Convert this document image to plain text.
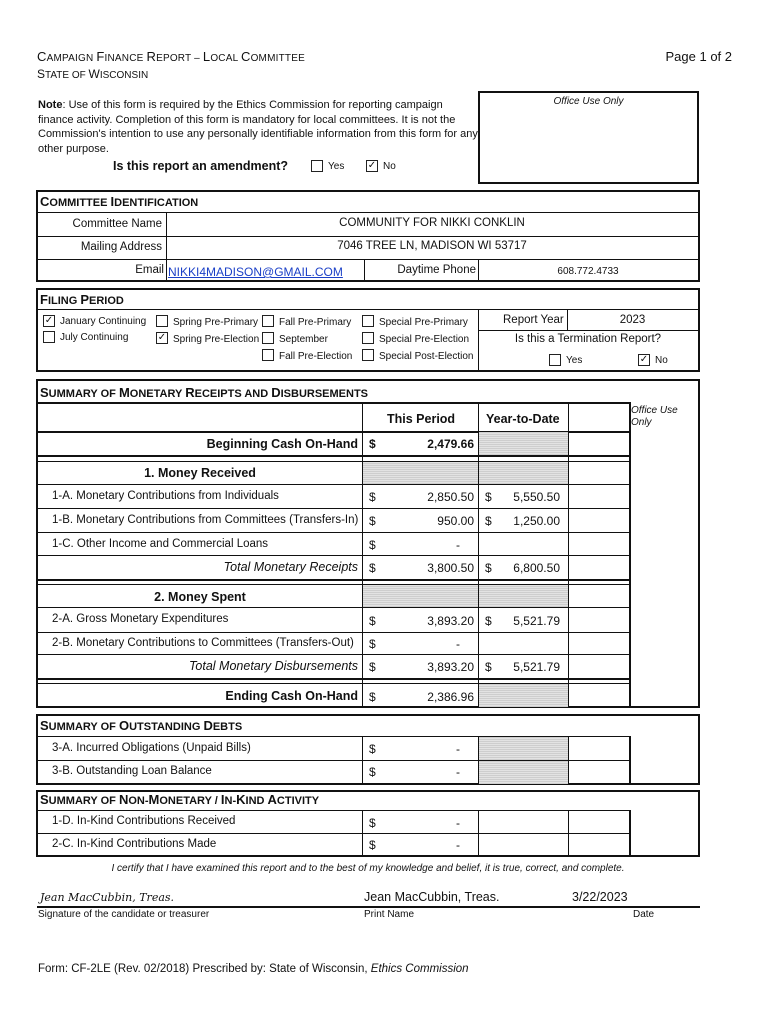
CAMPAIGN FINANCE REPORT – LOCAL COMMITTEE
STATE OF WISCONSIN
Page 1 of 2
Note: Use of this form is required by the Ethics Commission for reporting campaign finance activity. Completion of this form is mandatory for local committees. It is not the Commission's intention to use any personally identifiable information from this form for any other purpose.
Office Use Only
Is this report an amendment?	Yes ✓ No
COMMITTEE IDENTIFICATION
Committee Name	COMMUNITY FOR NIKKI CONKLIN
Mailing Address	7046 TREE LN, MADISON WI 53717
Email NIKKI4MADISON@GMAIL.COM	Daytime Phone	608.772.4733
FILING PERIOD
✓ January Continuing
July Continuing
Spring Pre-Primary
✓ Spring Pre-Election
Fall Pre-Primary
September
Fall Pre-Election
Special Pre-Primary
Special Pre-Election
Special Post-Election
Report Year	2023
Is this a Termination Report?
Yes	✓ No
SUMMARY OF MONETARY RECEIPTS AND DISBURSEMENTS
Office Use Only
This Period Year-to-Date
Beginning Cash On-Hand $	2,479.66
1. Money Received
1-A. Monetary Contributions from Individuals	$	2,850.50 $	5,550.50
1-B. Monetary Contributions from Committees (Transfers-In) $	950.00 $	1,250.00
1-C. Other Income and Commercial Loans	$	-
Total Monetary Receipts $	3,800.50 $	6,800.50
2. Money Spent
2-A. Gross Monetary Expenditures	$	3,893.20 $	5,521.79
2-B. Monetary Contributions to Committees (Transfers-Out) $	-
Total Monetary Disbursements $	3,893.20 $	5,521.79
Ending Cash On-Hand $	2,386.96
SUMMARY OF OUTSTANDING DEBTS
3-A. Incurred Obligations (Unpaid Bills)	$	-
3-B. Outstanding Loan Balance	$	-
SUMMARY OF NON-MONETARY / IN-KIND ACTIVITY
1-D. In-Kind Contributions Received	$	-
2-C. In-Kind Contributions Made	$	-
I certify that I have examined this report and to the best of my knowledge and belief, it is true, correct, and complete.
Jean MacCubbin, Treas.	Jean MacCubbin, Treas.	3/22/2023
Signature of the candidate or treasurer	Print Name	Date
Form: CF-2LE (Rev. 02/2018) Prescribed by: State of Wisconsin, Ethics Commission
